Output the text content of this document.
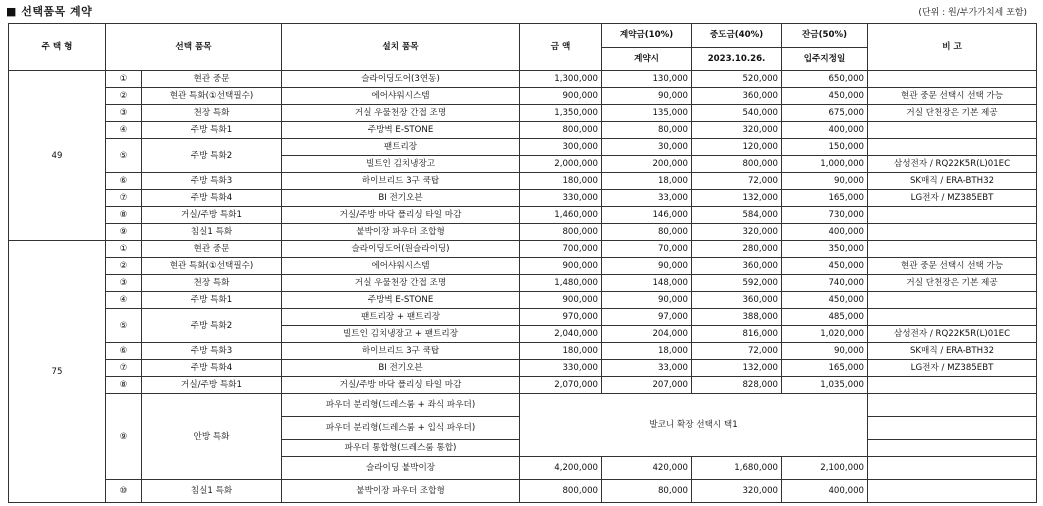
■ 선택품목 계약	(단위 : 원/부가가치세 포함)
주 택 형	선택 품목		설치 품목	금 액	계약금(10%)	중도금(40%)	잔금(50%)	비 고
					계약시	2023.10.26.	입주지정일	
49	①	현관 중문	슬라이딩도어(3연동)	1,300,000	130,000	520,000	650,000	
	②	현관 특화(①선택필수)	에어샤워시스템	900,000	90,000	360,000	450,000	현관 중문 선택시 선택 가능
	③	천장 특화	거실 우물천장 간접 조명	1,350,000	135,000	540,000	675,000	거실 단천장은 기본 제공
	④	주방 특화1	주방벽 E-STONE	800,000	80,000	320,000	400,000	
	⑤	주방 특화2	팬트리장	300,000	30,000	120,000	150,000	
			빌트인 김치냉장고	2,000,000	200,000	800,000	1,000,000	삼성전자 / RQ22K5R(L)01EC
	⑥	주방 특화3	하이브리드 3구 쿡탑	180,000	18,000	72,000	90,000	SK매직 / ERA-BTH32
	⑦	주방 특화4	BI 전기오븐	330,000	33,000	132,000	165,000	LG전자 / MZ385EBT
	⑧	거실/주방 특화1	거실/주방 바닥 폴리싱 타일 마감	1,460,000	146,000	584,000	730,000	
	⑨	침실1 특화	붙박이장 파우더 조합형	800,000	80,000	320,000	400,000	
75	①	현관 중문	슬라이딩도어(원슬라이딩)	700,000	70,000	280,000	350,000	
	②	현관 특화(①선택필수)	에어샤워시스템	900,000	90,000	360,000	450,000	현관 중문 선택시 선택 가능
	③	천장 특화	거실 우물천장 간접 조명	1,480,000	148,000	592,000	740,000	거실 단천장은 기본 제공
	④	주방 특화1	주방벽 E-STONE	900,000	90,000	360,000	450,000	
	⑤	주방 특화2	팬트리장 + 팬트리장	970,000	97,000	388,000	485,000	
			빌트인 김치냉장고 + 팬트리장	2,040,000	204,000	816,000	1,020,000	삼성전자 / RQ22K5R(L)01EC
	⑥	주방 특화3	하이브리드 3구 쿡탑	180,000	18,000	72,000	90,000	SK매직 / ERA-BTH32
	⑦	주방 특화4	BI 전기오븐	330,000	33,000	132,000	165,000	LG전자 / MZ385EBT
	⑧	거실/주방 특화1	거실/주방 바닥 폴리싱 타일 마감	2,070,000	207,000	828,000	1,035,000	
	⑨	안방 특화	파우더 분리형(드레스룸 + 좌식 파우더)	발코니 확장 선택시 택1				
			파우더 분리형(드레스룸 + 입식 파우더)					
			파우더 통합형(드레스룸 통합)					
			슬라이딩 붙박이장	4,200,000	420,000	1,680,000	2,100,000	
	⑩	침실1 특화	붙박이장 파우더 조합형	800,000	80,000	320,000	400,000	
